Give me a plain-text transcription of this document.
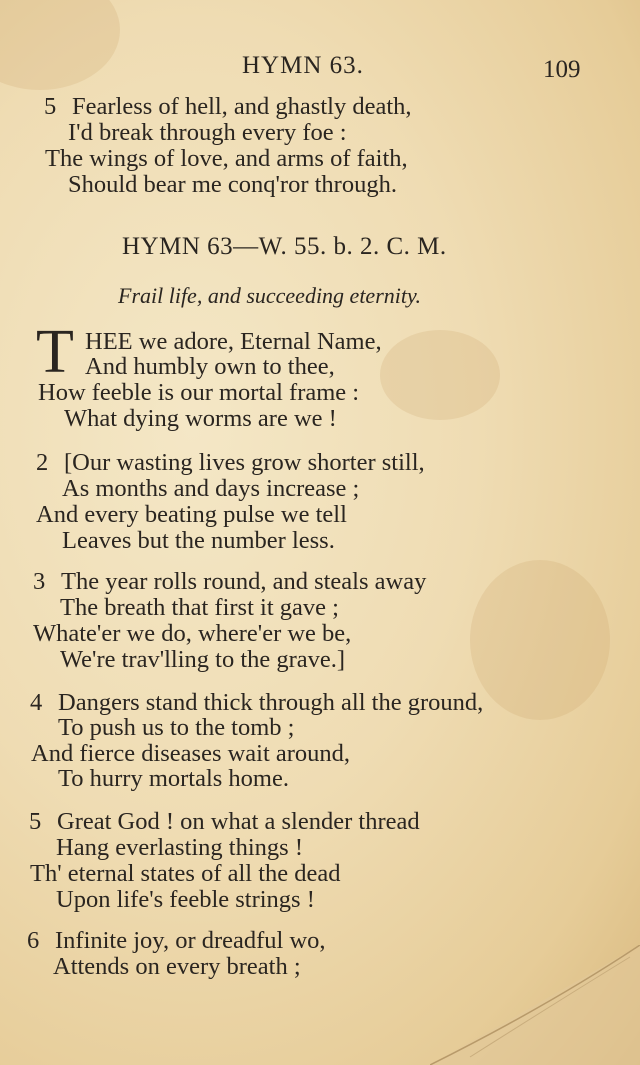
HYMN 63.	109
5 Fearless of hell, and ghastly death,
I'd break through every foe :
The wings of love, and arms of faith,
Should bear me conq'ror through.
HYMN 63—W. 55. b. 2. C. M.
Frail life, and succeeding eternity.
T HEE we adore, Eternal Name,
And humbly own to thee,
How feeble is our mortal frame :
What dying worms are we !
2 [Our wasting lives grow shorter still,
As months and days increase ;
And every beating pulse we tell
Leaves but the number less.
3 The year rolls round, and steals away
The breath that first it gave ;
Whate'er we do, where'er we be,
We're trav'lling to the grave.]
4 Dangers stand thick through all the ground,
To push us to the tomb ;
And fierce diseases wait around,
To hurry mortals home.
5 Great God ! on what a slender thread
Hang everlasting things !
Th' eternal states of all the dead
Upon life's feeble strings !
6 Infinite joy, or dreadful wo,
Attends on every breath ;
